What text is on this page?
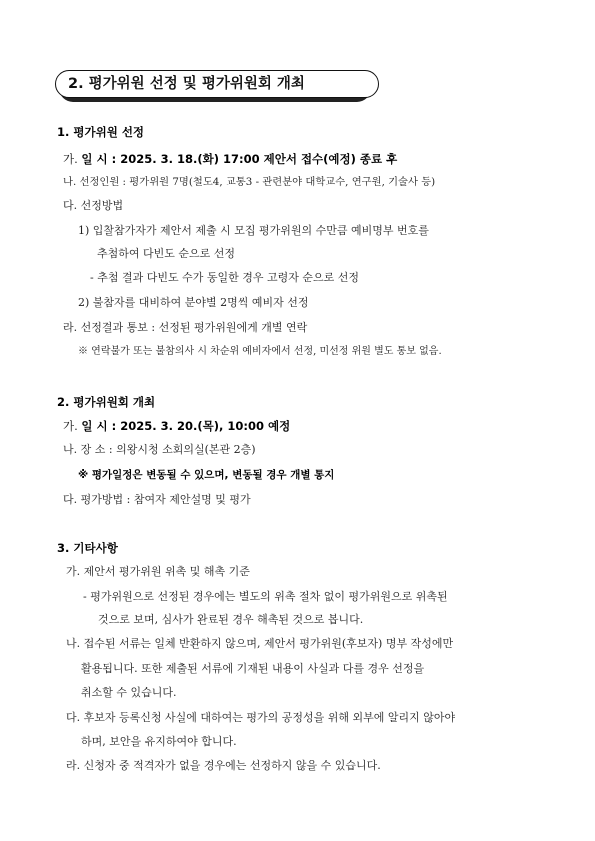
2. 평가위원 선정 및 평가위원회 개최
1. 평가위원 선정
가. 일 시 : 2025. 3. 18.(화) 17:00 제안서 접수(예정) 종료 후
나. 선정인원 : 평가위원 7명(철도4, 교통3 - 관련분야 대학교수, 연구원, 기술사 등)
다. 선정방법
1) 입찰참가자가 제안서 제출 시 모집 평가위원의 수만큼 예비명부 번호를
추첨하여 다빈도 순으로 선정
- 추첨 결과 다빈도 수가 동일한 경우 고령자 순으로 선정
2) 불참자를 대비하여 분야별 2명씩 예비자 선정
라. 선정결과 통보 : 선정된 평가위원에게 개별 연락
※ 연락불가 또는 불참의사 시 차순위 예비자에서 선정, 미선정 위원 별도 통보 없음.
2. 평가위원회 개최
가. 일 시 : 2025. 3. 20.(목), 10:00 예정
나. 장 소 : 의왕시청 소회의실(본관 2층)
※ 평가일정은 변동될 수 있으며, 변동될 경우 개별 통지
다. 평가방법 : 참여자 제안설명 및 평가
3. 기타사항
가. 제안서 평가위원 위촉 및 해촉 기준
- 평가위원으로 선정된 경우에는 별도의 위촉 절차 없이 평가위원으로 위촉된
것으로 보며, 심사가 완료된 경우 해촉된 것으로 봅니다.
나. 접수된 서류는 일체 반환하지 않으며, 제안서 평가위원(후보자) 명부 작성에만
활용됩니다. 또한 제출된 서류에 기재된 내용이 사실과 다를 경우 선정을
취소할 수 있습니다.
다. 후보자 등록신청 사실에 대하여는 평가의 공정성을 위해 외부에 알리지 않아야
하며, 보안을 유지하여야 합니다.
라. 신청자 중 적격자가 없을 경우에는 선정하지 않을 수 있습니다.
